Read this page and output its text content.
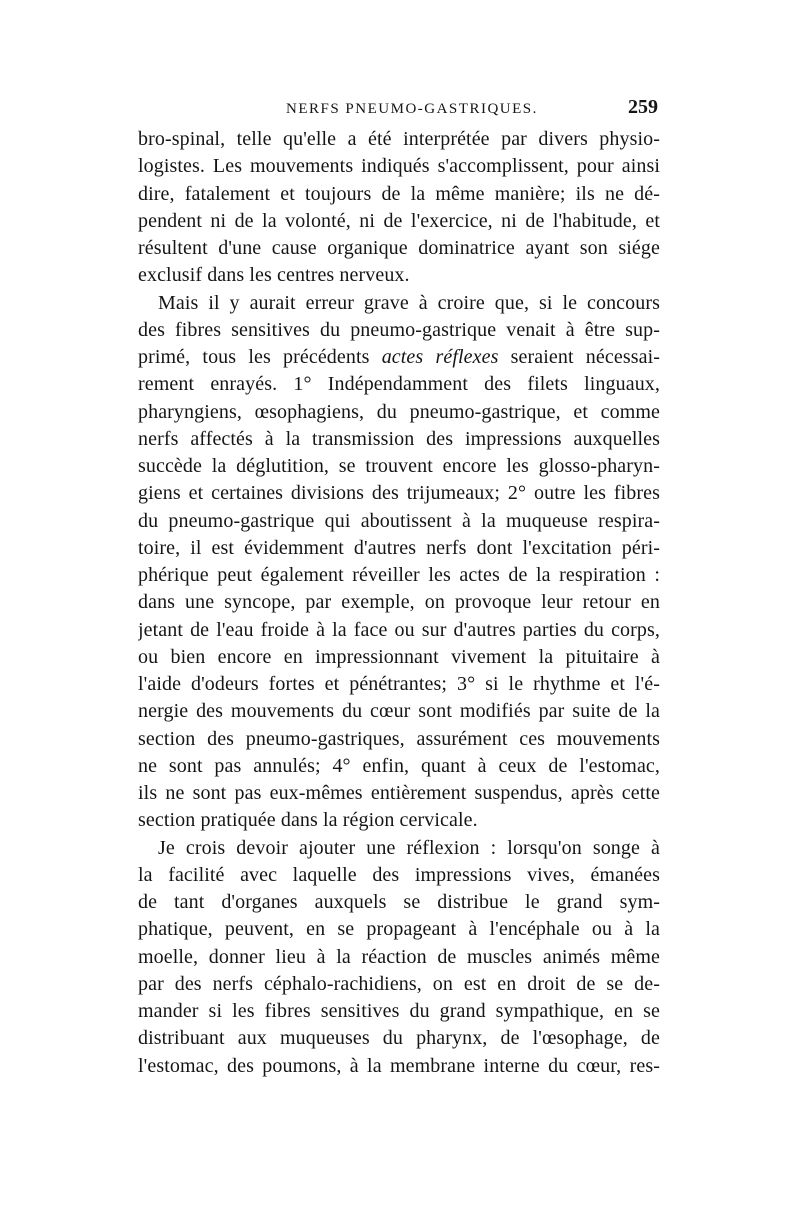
NERFS PNEUMO-GASTRIQUES.	259
bro-spinal, telle qu'elle a été interprétée par divers physio-
logistes. Les mouvements indiqués s'accomplissent, pour ainsi
dire, fatalement et toujours de la même manière; ils ne dé-
pendent ni de la volonté, ni de l'exercice, ni de l'habitude, et
résultent d'une cause organique dominatrice ayant son siége
exclusif dans les centres nerveux.
Mais il y aurait erreur grave à croire que, si le concours
des fibres sensitives du pneumo-gastrique venait à être sup-
primé, tous les précédents actes réflexes seraient nécessai-
rement enrayés. 1° Indépendamment des filets linguaux,
pharyngiens, œsophagiens, du pneumo-gastrique, et comme
nerfs affectés à la transmission des impressions auxquelles
succède la déglutition, se trouvent encore les glosso-pharyn-
giens et certaines divisions des trijumeaux; 2° outre les fibres
du pneumo-gastrique qui aboutissent à la muqueuse respira-
toire, il est évidemment d'autres nerfs dont l'excitation péri-
phérique peut également réveiller les actes de la respiration :
dans une syncope, par exemple, on provoque leur retour en
jetant de l'eau froide à la face ou sur d'autres parties du corps,
ou bien encore en impressionnant vivement la pituitaire à
l'aide d'odeurs fortes et pénétrantes; 3° si le rhythme et l'é-
nergie des mouvements du cœur sont modifiés par suite de la
section des pneumo-gastriques, assurément ces mouvements
ne sont pas annulés; 4° enfin, quant à ceux de l'estomac,
ils ne sont pas eux-mêmes entièrement suspendus, après cette
section pratiquée dans la région cervicale.
Je crois devoir ajouter une réflexion : lorsqu'on songe à
la facilité avec laquelle des impressions vives, émanées
de tant d'organes auxquels se distribue le grand sym-
phatique, peuvent, en se propageant à l'encéphale ou à la
moelle, donner lieu à la réaction de muscles animés même
par des nerfs céphalo-rachidiens, on est en droit de se de-
mander si les fibres sensitives du grand sympathique, en se
distribuant aux muqueuses du pharynx, de l'œsophage, de
l'estomac, des poumons, à la membrane interne du cœur, res-
